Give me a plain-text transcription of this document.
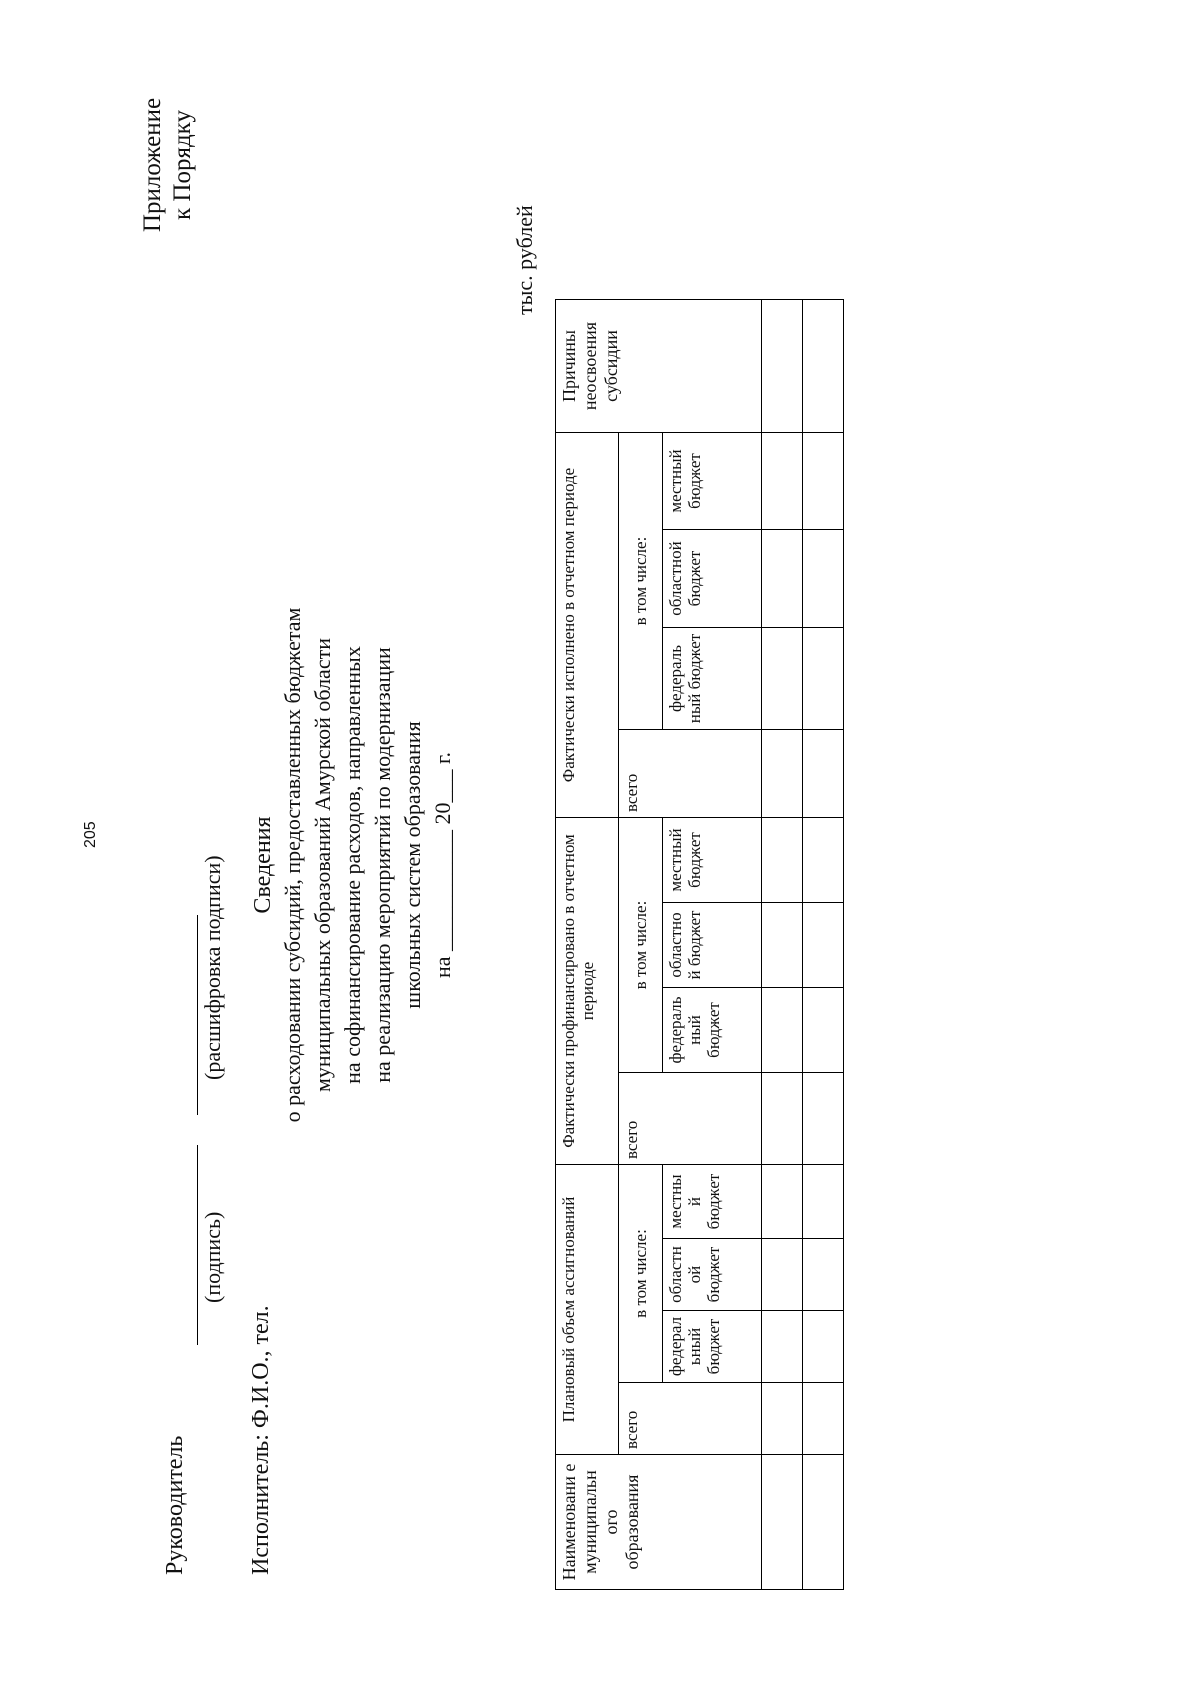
205
Приложение к Порядку
Сведения о расходовании субсидий, предоставленных бюджетам муниципальных образований Амурской области на софинансирование расходов, направленных на реализацию мероприятий по модернизации школьных систем образования на ___________ 20___ г.
тыс. рублей
Наименовани е муниципальн ого образования	Плановый объем ассигнований				Фактически профинансировано в отчетном периоде				Фактически исполнено в отчетном периоде				Причины неосвоения субсидии
	всего	в том числе:			всего	в том числе:			всего	в том числе:			
		федерал ьный бюджет	областн ой бюджет	местны й бюджет		федераль ный бюджет	областно й бюджет	местный бюджет		федераль ный бюджет	областной бюджет	местный бюджет	

Руководитель
(подпись)
(расшифровка подписи)
Исполнитель: Ф.И.О., тел.
